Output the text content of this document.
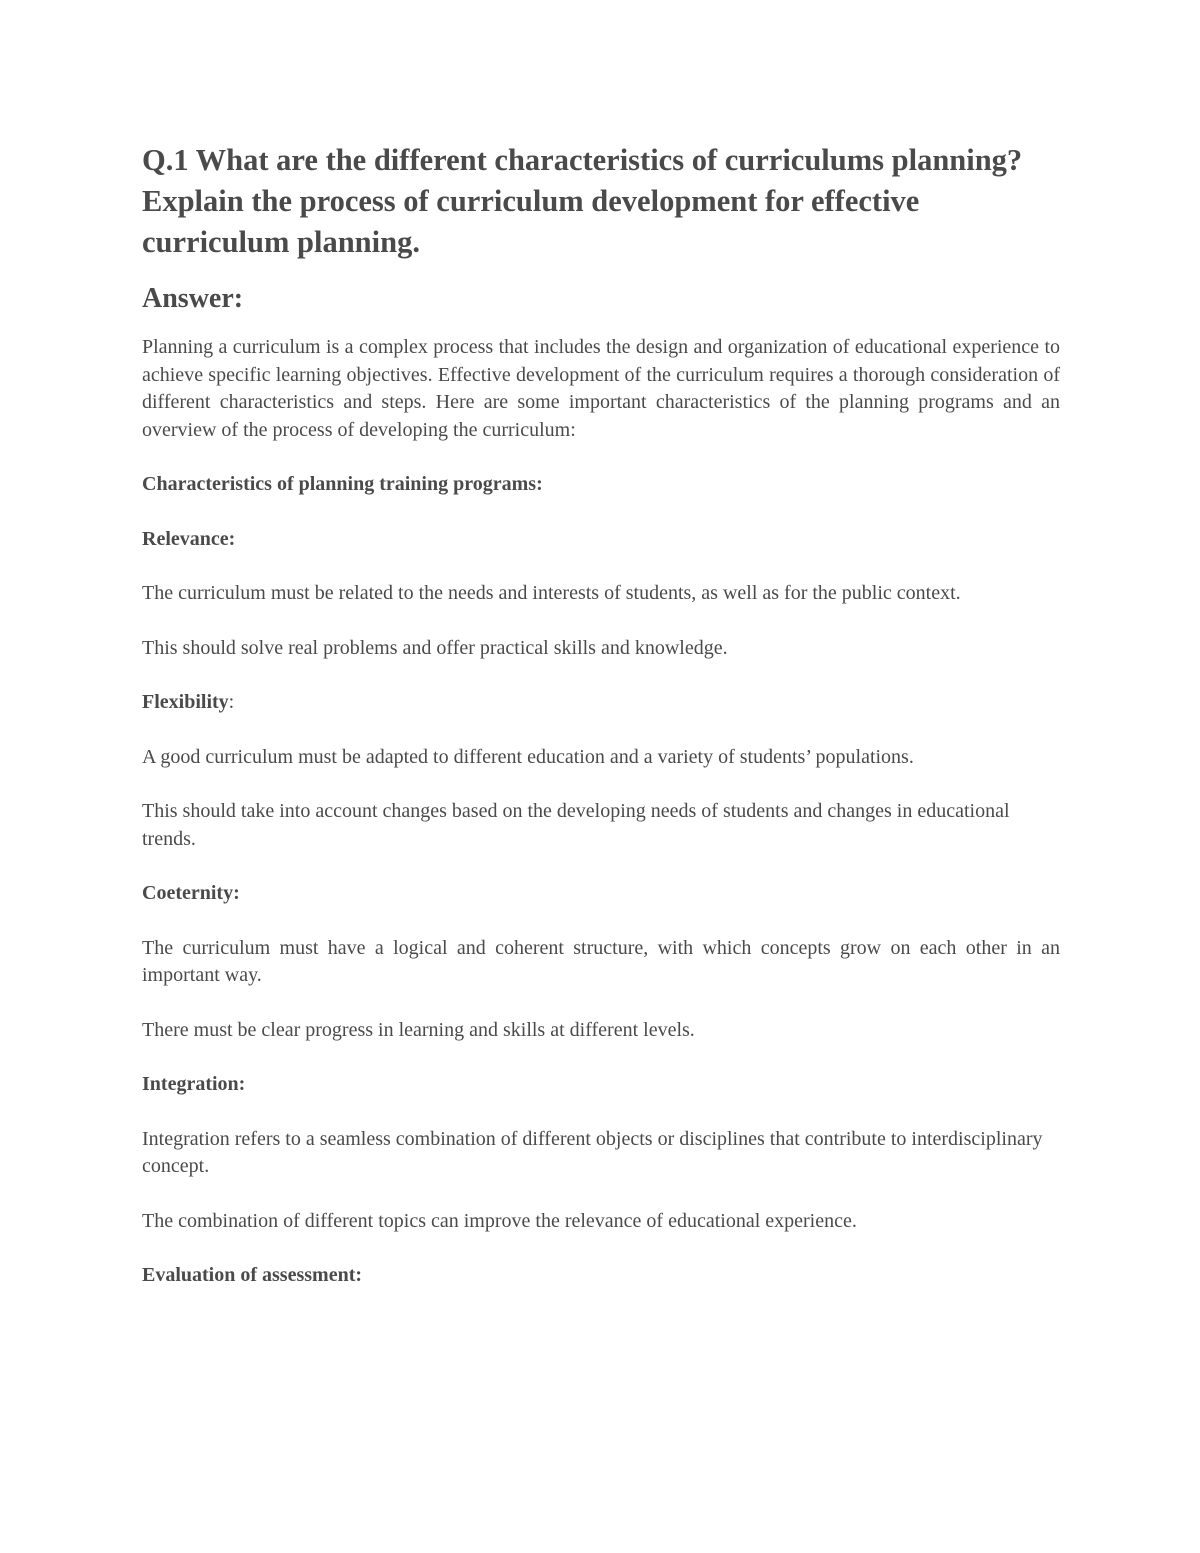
Q.1 What are the different characteristics of curriculums planning? Explain the process of curriculum development for effective curriculum planning.
Answer:

Planning a curriculum is a complex process that includes the design and organization of educational experience to achieve specific learning objectives. Effective development of the curriculum requires a thorough consideration of different characteristics and steps. Here are some important characteristics of the planning programs and an overview of the process of developing the curriculum:

Characteristics of planning training programs:

Relevance:

The curriculum must be related to the needs and interests of students, as well as for the public context.

This should solve real problems and offer practical skills and knowledge.

Flexibility:

A good curriculum must be adapted to different education and a variety of students’ populations.

This should take into account changes based on the developing needs of students and changes in educational trends.

Coeternity:

The curriculum must have a logical and coherent structure, with which concepts grow on each other in an important way.

There must be clear progress in learning and skills at different levels.

Integration:

Integration refers to a seamless combination of different objects or disciplines that contribute to interdisciplinary concept.

The combination of different topics can improve the relevance of educational experience.

Evaluation of assessment:
